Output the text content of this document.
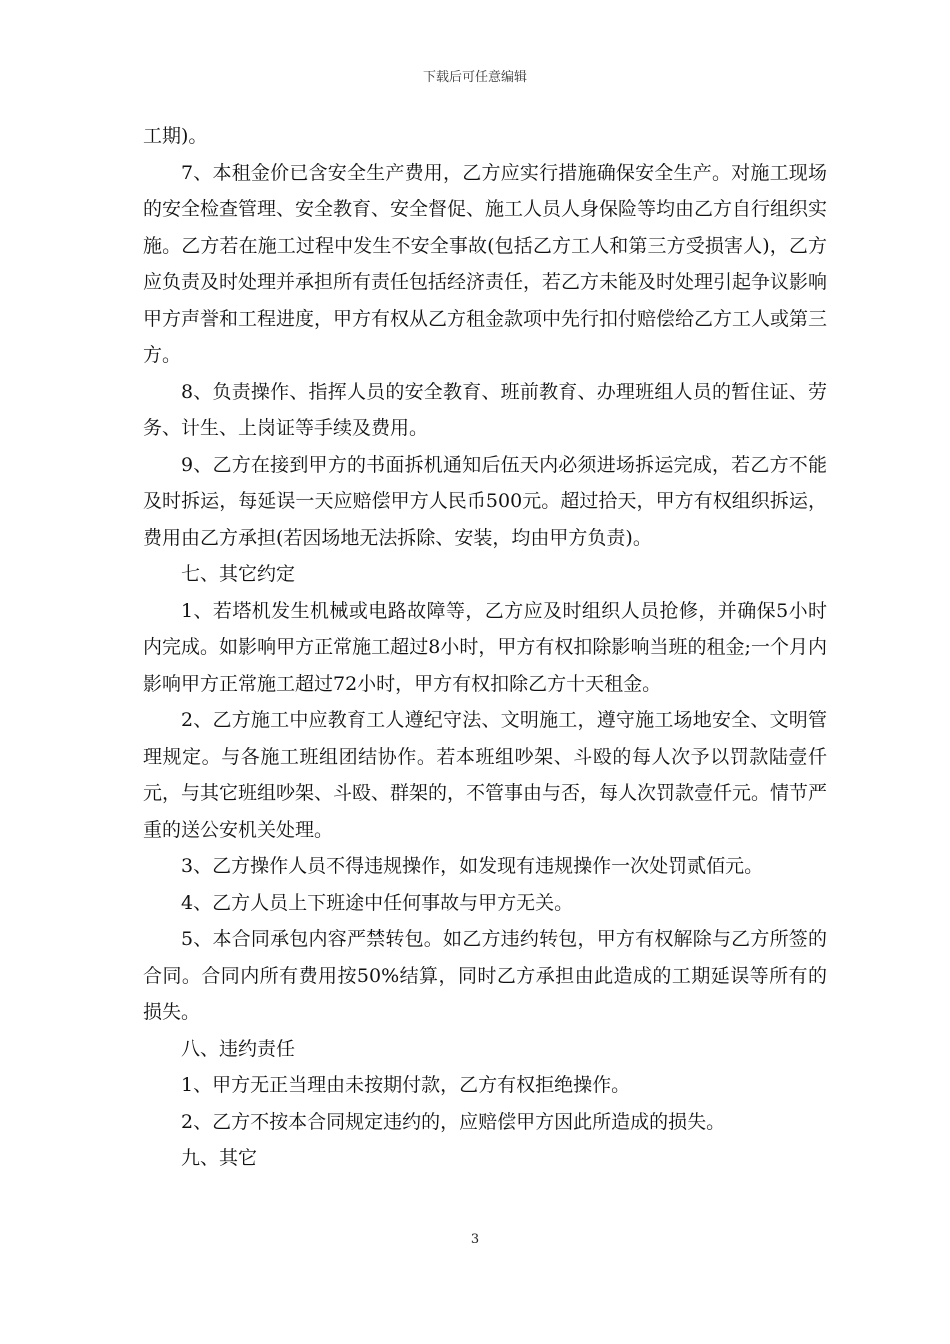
下载后可任意编辑

工期)。

7、本租金价已含安全生产费用，乙方应实行措施确保安全生产。对施工现场的安全检查管理、安全教育、安全督促、施工人员人身保险等均由乙方自行组织实施。乙方若在施工过程中发生不安全事故(包括乙方工人和第三方受损害人)，乙方应负责及时处理并承担所有责任包括经济责任，若乙方未能及时处理引起争议影响甲方声誉和工程进度，甲方有权从乙方租金款项中先行扣付赔偿给乙方工人或第三方。

8、负责操作、指挥人员的安全教育、班前教育、办理班组人员的暂住证、劳务、计生、上岗证等手续及费用。

9、乙方在接到甲方的书面拆机通知后伍天内必须进场拆运完成，若乙方不能及时拆运，每延误一天应赔偿甲方人民币500元。超过拾天，甲方有权组织拆运，费用由乙方承担(若因场地无法拆除、安装，均由甲方负责)。

七、其它约定

1、若塔机发生机械或电路故障等，乙方应及时组织人员抢修，并确保5小时内完成。如影响甲方正常施工超过8小时，甲方有权扣除影响当班的租金;一个月内影响甲方正常施工超过72小时，甲方有权扣除乙方十天租金。

2、乙方施工中应教育工人遵纪守法、文明施工，遵守施工场地安全、文明管理规定。与各施工班组团结协作。若本班组吵架、斗殴的每人次予以罚款陆壹仟元，与其它班组吵架、斗殴、群架的，不管事由与否，每人次罚款壹仟元。情节严重的送公安机关处理。

3、乙方操作人员不得违规操作，如发现有违规操作一次处罚贰佰元。

4、乙方人员上下班途中任何事故与甲方无关。

5、本合同承包内容严禁转包。如乙方违约转包，甲方有权解除与乙方所签的合同。合同内所有费用按50%结算，同时乙方承担由此造成的工期延误等所有的损失。

八、违约责任

1、甲方无正当理由未按期付款，乙方有权拒绝操作。

2、乙方不按本合同规定违约的，应赔偿甲方因此所造成的损失。

九、其它

3
